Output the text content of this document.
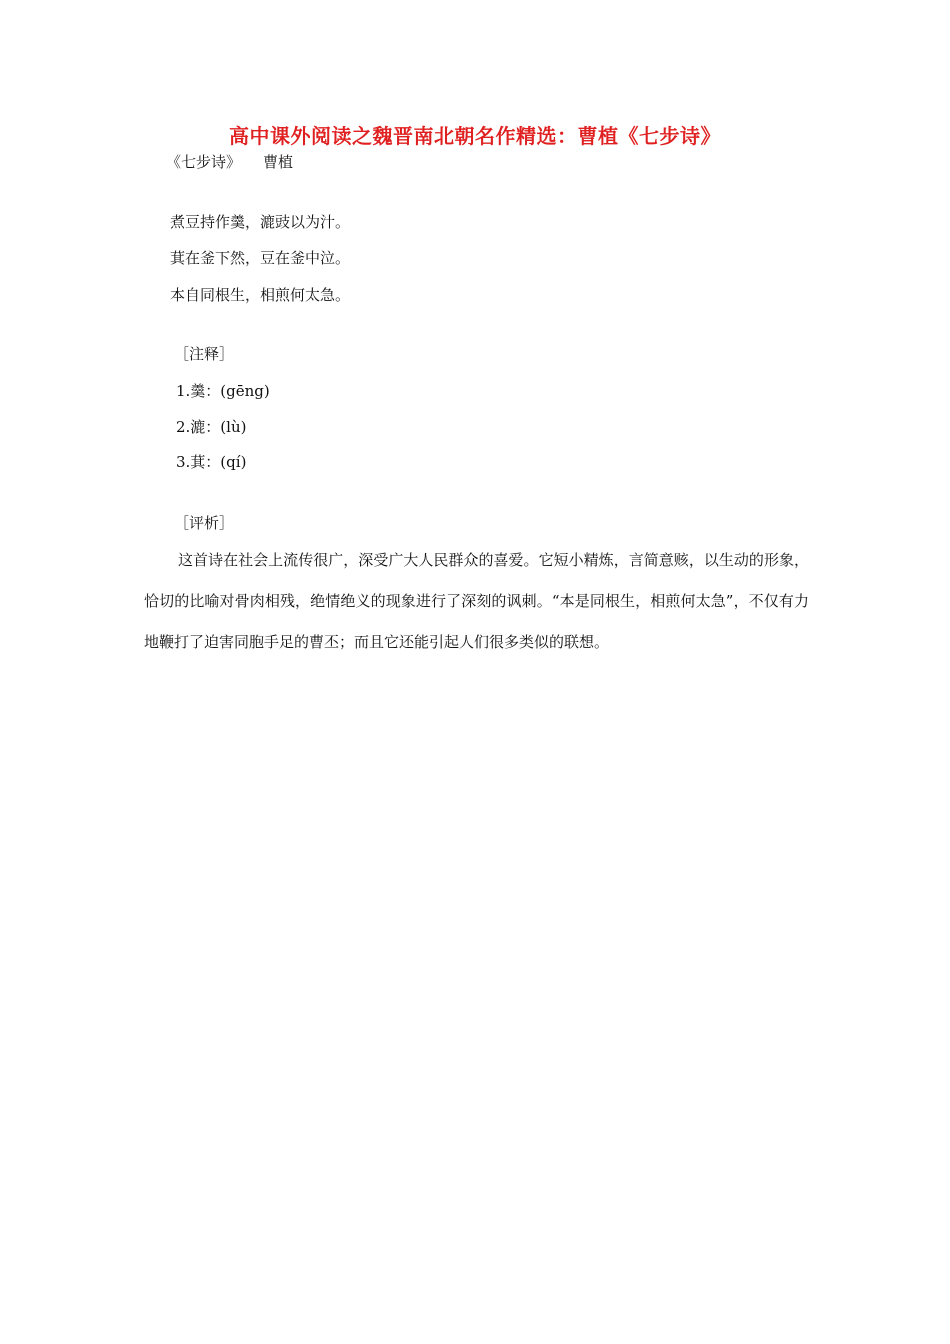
高中课外阅读之魏晋南北朝名作精选：曹植《七步诗》
《七步诗》 曹植
煮豆持作羹，漉豉以为汁。
萁在釜下然，豆在釜中泣。
本自同根生，相煎何太急。
［注释］
1.羹：(gēng)
2.漉：(lù)
3.萁：(qí)
［评析］

这首诗在社会上流传很广，深受广大人民群众的喜爱。它短小精炼，言简意赅，以生动的形象，恰切的比喻对骨肉相残，绝情绝义的现象进行了深刻的讽刺。“本是同根生，相煎何太急”，不仅有力地鞭打了迫害同胞手足的曹丕；而且它还能引起人们很多类似的联想。
